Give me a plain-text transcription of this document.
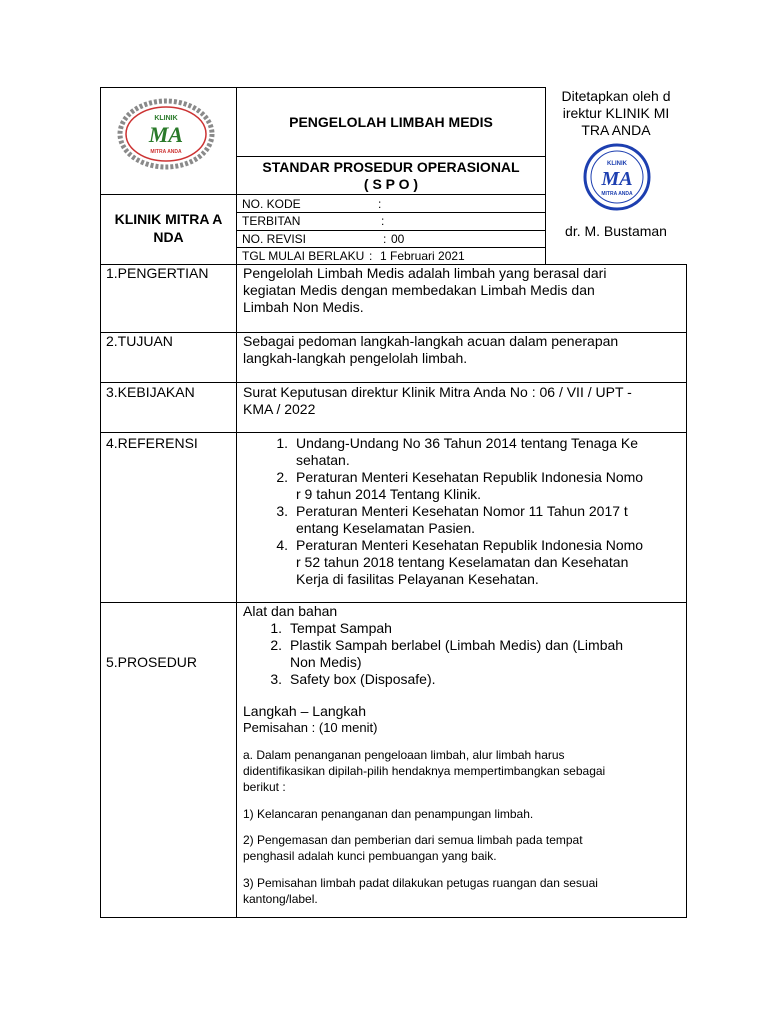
KLINIK
MA
MITRA ANDA
PENGELOLAH LIMBAH MEDIS
STANDAR PROSEDUR OPERASIONAL
( S P O )
KLINIK MITRA A
NDA
NO. KODE	:
TERBITAN	:
NO. REVISI	: 00
TGL MULAI BERLAKU : 1 Februari 2021
Ditetapkan oleh d
irektur KLINIK MI
TRA ANDA
KLINIK
MA
MITRA ANDA
dr. M. Bustaman
1.PENGERTIAN Pengelolah Limbah Medis adalah limbah yang berasal dari
kegiatan Medis dengan membedakan Limbah Medis dan
Limbah Non Medis.
2.TUJUAN	Sebagai pedoman langkah-langkah acuan dalam penerapan
langkah-langkah pengelolah limbah.
3.KEBIJAKAN	Surat Keputusan direktur Klinik Mitra Anda No : 06 / VII / UPT -
KMA / 2022
4.REFERENSI	1. Undang-Undang No 36 Tahun 2014 tentang Tenaga Ke
sehatan.
2. Peraturan Menteri Kesehatan Republik Indonesia Nomo
r 9 tahun 2014 Tentang Klinik.
3. Peraturan Menteri Kesehatan Nomor 11 Tahun 2017 t
entang Keselamatan Pasien.
4. Peraturan Menteri Kesehatan Republik Indonesia Nomo
r 52 tahun 2018 tentang Keselamatan dan Kesehatan
Kerja di fasilitas Pelayanan Kesehatan.
5.PROSEDUR
Alat dan bahan
1. Tempat Sampah
2. Plastik Sampah berlabel (Limbah Medis) dan (Limbah
Non Medis)
3. Safety box (Disposafe).
Langkah – Langkah
Pemisahan : (10 menit)
a. Dalam penanganan pengeloaan limbah, alur limbah harus
didentifikasikan dipilah-pilih hendaknya mempertimbangkan sebagai
berikut :
1) Kelancaran penanganan dan penampungan limbah.
2) Pengemasan dan pemberian dari semua limbah pada tempat
penghasil adalah kunci pembuangan yang baik.
3) Pemisahan limbah padat dilakukan petugas ruangan dan sesuai
kantong/label.
